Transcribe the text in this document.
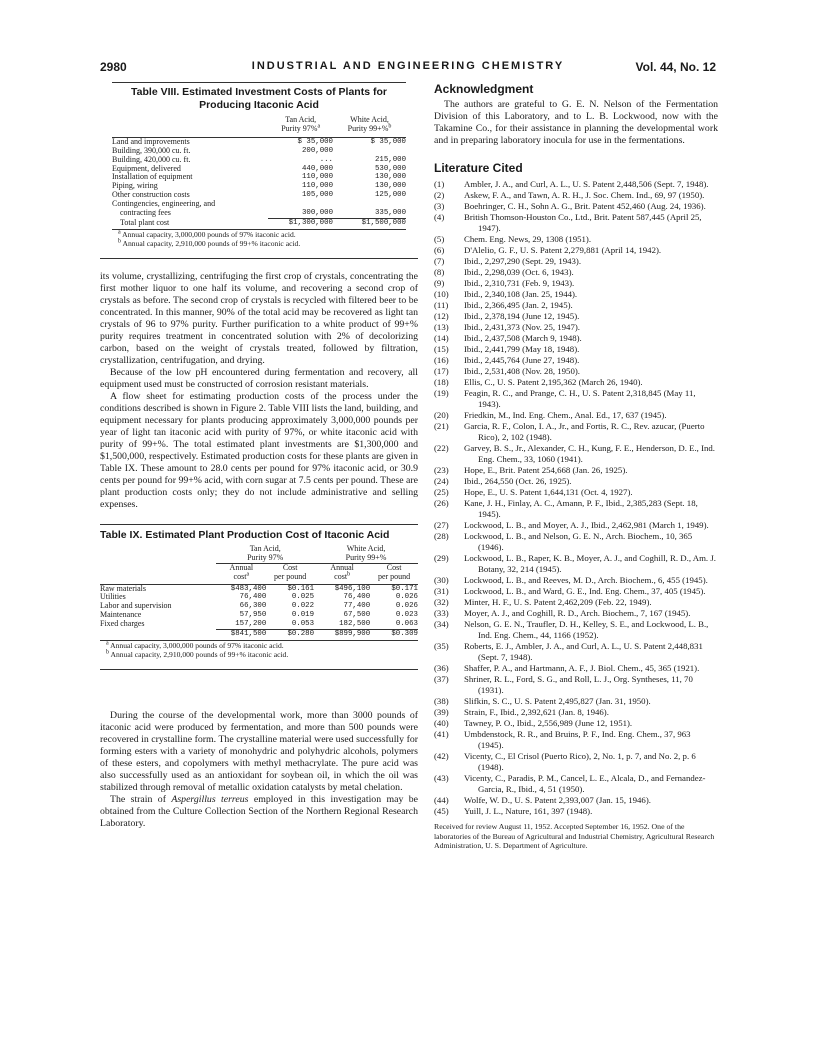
2980	INDUSTRIAL AND ENGINEERING CHEMISTRY	Vol. 44, No. 12
Table VIII. Estimated Investment Costs of Plants for
Producing Itaconic Acid
	Tan Acid,	White Acid,
	Purity 97%$^a$	Purity 99+%$^b$

Land and improvements	$ 35,000	$ 35,000
Building, 390,000 cu. ft.	200,000	
Building, 420,000 cu. ft.	...	215,000
Equipment, delivered	440,000	530,000
Installation of equipment	110,000	130,000
Piping, wiring	110,000	130,000
Other construction costs	105,000	125,000
Contingencies, engineering, and		
contracting fees	300,000	335,000
Total plant cost	$1,300,000	$1,500,000
$^a$ Annual capacity, 3,000,000 pounds of 97% itaconic acid.
$^b$ Annual capacity, 2,910,000 pounds of 99+% itaconic acid.

its volume, crystallizing, centrifuging the first crop of crystals, concentrating the first mother liquor to one half its volume, and recovering a second crop of crystals as before. The second crop of crystals is recycled with filtered beer to be concentrated. In this manner, 90% of the total acid may be recovered as light tan crystals of 96 to 97% purity. Further purification to a white product of 99+% purity requires treatment in concentrated solution with 2% of decolorizing carbon, based on the weight of crystals treated, followed by filtration, crystallization, centrifugation, and drying.

Because of the low pH encountered during fermentation and recovery, all equipment used must be constructed of corrosion resistant materials.

A flow sheet for estimating production costs of the process under the conditions described is shown in Figure 2. Table VIII lists the land, building, and equipment necessary for plants producing approximately 3,000,000 pounds per year of light tan itaconic acid with purity of 97%, or white itaconic acid with purity of 99+%. The total estimated plant investments are $1,300,000 and $1,500,000, respectively. Estimated production costs for these plants are given in Table IX. These amount to 28.0 cents per pound for 97% itaconic acid, or 30.9 cents per pound for 99+% acid, with corn sugar at 7.5 cents per pound. These are plant production costs only; they do not include administrative and selling expenses.

Table IX. Estimated Plant Production Cost of Itaconic Acid
	Tan Acid,		White Acid,	
	Purity 97%		Purity 99+%	
	Annual	Cost	Annual	Cost
	cost$^a$	per pound	cost$^b$	per pound

Raw materials	$483,400	$0.161	$496,100	$0.171
Utilities	76,400	0.025	76,400	0.026
Labor and supervision	66,300	0.022	77,400	0.026
Maintenance	57,950	0.019	67,500	0.023
Fixed charges	157,200	0.053	182,500	0.063
	$841,500	$0.280	$899,900	$0.309
$^a$ Annual capacity, 3,000,000 pounds of 97% itaconic acid.
$^b$ Annual capacity, 2,910,000 pounds of 99+% itaconic acid.

During the course of the developmental work, more than 3000 pounds of itaconic acid were produced by fermentation, and more than 500 pounds were recovered in crystalline form. The crystalline material were used successfully for forming esters with a variety of monohydric and polyhydric alcohols, polymers of these esters, and copolymers with methyl methacrylate. The pure acid was also successfully used as an antioxidant for soybean oil, in which the oil was stabilized through removal of metallic oxidation catalysts by metal chelation.

The strain of Aspergillus terreus employed in this investigation may be obtained from the Culture Collection Section of the Northern Regional Research Laboratory.

Acknowledgment

The authors are grateful to G. E. N. Nelson of the Fermentation Division of this Laboratory, and to L. B. Lockwood, now with the Takamine Co., for their assistance in planning the developmental work and in preparing laboratory inocula for use in the fermentations.

Literature Cited
(1)	Ambler, J. A., and Curl, A. L., U. S. Patent 2,448,506 (Sept. 7, 1948).
(2)	Askew, F. A., and Tawn, A. R. H., J. Soc. Chem. Ind., 69, 97 (1950).
(3)	Boehringer, C. H., Sohn A. G., Brit. Patent 452,460 (Aug. 24, 1936).
(4)	British Thomson-Houston Co., Ltd., Brit. Patent 587,445 (April 25, 1947).
(5)	Chem. Eng. News, 29, 1308 (1951).
(6)	D'Alelio, G. F., U. S. Patent 2,279,881 (April 14, 1942).
(7)	Ibid., 2,297,290 (Sept. 29, 1943).
(8)	Ibid., 2,298,039 (Oct. 6, 1943).
(9)	Ibid., 2,310,731 (Feb. 9, 1943).
(10)	Ibid., 2,340,108 (Jan. 25, 1944).
(11)	Ibid., 2,366,495 (Jan. 2, 1945).
(12)	Ibid., 2,378,194 (June 12, 1945).
(13)	Ibid., 2,431,373 (Nov. 25, 1947).
(14)	Ibid., 2,437,508 (March 9, 1948).
(15)	Ibid., 2,441,799 (May 18, 1948).
(16)	Ibid., 2,445,764 (June 27, 1948).
(17)	Ibid., 2,531,408 (Nov. 28, 1950).
(18)	Ellis, C., U. S. Patent 2,195,362 (March 26, 1940).
(19)	Feagin, R. C., and Prange, C. H., U. S. Patent 2,318,845 (May 11, 1943).
(20)	Friedkin, M., Ind. Eng. Chem., Anal. Ed., 17, 637 (1945).
(21)	Garcia, R. F., Colon, I. A., Jr., and Fortis, R. C., Rev. azucar, (Puerto Rico), 2, 102 (1948).
(22)	Garvey, B. S., Jr., Alexander, C. H., Kung, F. E., Henderson, D. E., Ind. Eng. Chem., 33, 1060 (1941).
(23)	Hope, E., Brit. Patent 254,668 (Jan. 26, 1925).
(24)	Ibid., 264,550 (Oct. 26, 1925).
(25)	Hope, E., U. S. Patent 1,644,131 (Oct. 4, 1927).
(26)	Kane, J. H., Finlay, A. C., Amann, P. F., Ibid., 2,385,283 (Sept. 18, 1945).
(27)	Lockwood, L. B., and Moyer, A. J., Ibid., 2,462,981 (March 1, 1949).
(28)	Lockwood, L. B., and Nelson, G. E. N., Arch. Biochem., 10, 365 (1946).
(29)	Lockwood, L. B., Raper, K. B., Moyer, A. J., and Coghill, R. D., Am. J. Botany, 32, 214 (1945).
(30)	Lockwood, L. B., and Reeves, M. D., Arch. Biochem., 6, 455 (1945).
(31)	Lockwood, L. B., and Ward, G. E., Ind. Eng. Chem., 37, 405 (1945).
(32)	Minter, H. F., U. S. Patent 2,462,209 (Feb. 22, 1949).
(33)	Moyer, A. J., and Coghill, R. D., Arch. Biochem., 7, 167 (1945).
(34)	Nelson, G. E. N., Traufler, D. H., Kelley, S. E., and Lockwood, L. B., Ind. Eng. Chem., 44, 1166 (1952).
(35)	Roberts, E. J., Ambler, J. A., and Curl, A. L., U. S. Patent 2,448,831 (Sept. 7, 1948).
(36)	Shaffer, P. A., and Hartmann, A. F., J. Biol. Chem., 45, 365 (1921).
(37)	Shriner, R. L., Ford, S. G., and Roll, L. J., Org. Syntheses, 11, 70 (1931).
(38)	Slifkin, S. C., U. S. Patent 2,495,827 (Jan. 31, 1950).
(39)	Strain, F., Ibid., 2,392,621 (Jan. 8, 1946).
(40)	Tawney, P. O., Ibid., 2,556,989 (June 12, 1951).
(41)	Umbdenstock, R. R., and Bruins, P. F., Ind. Eng. Chem., 37, 963 (1945).
(42)	Vicenty, C., El Crisol (Puerto Rico), 2, No. 1, p. 7, and No. 2, p. 6 (1948).
(43)	Vicenty, C., Paradis, P. M., Cancel, L. E., Alcala, D., and Fernandez-Garcia, R., Ibid., 4, 51 (1950).
(44)	Wolfe, W. D., U. S. Patent 2,393,007 (Jan. 15, 1946).
(45)	Yuill, J. L., Nature, 161, 397 (1948).
Received for review August 11, 1952. Accepted September 16, 1952. One of the laboratories of the Bureau of Agricultural and Industrial Chemistry, Agricultural Research Administration, U. S. Department of Agriculture.
